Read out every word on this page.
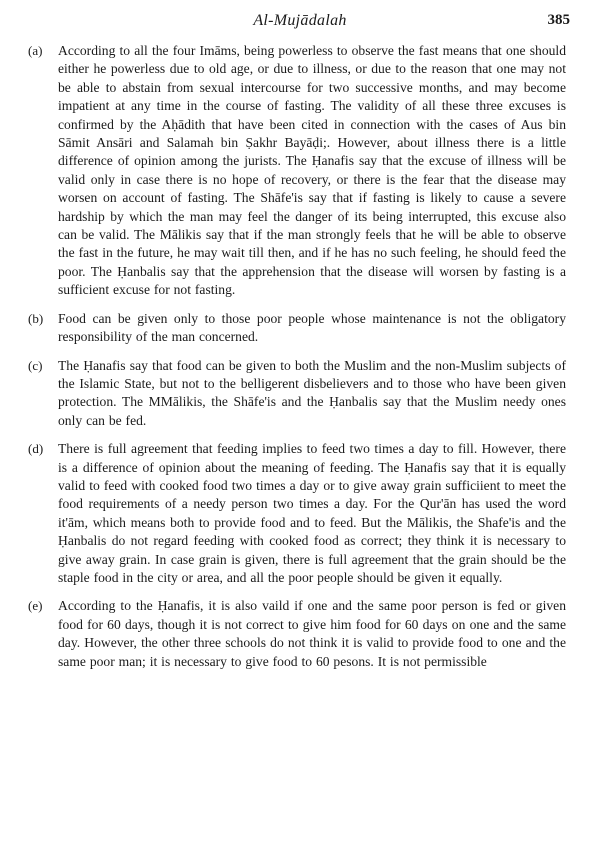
Al-Mujādalah	385
(a)	According to all the four Imāms, being powerless to observe the fast means that one should either he powerless due to old age, or due to illness, or due to the reason that one may not be able to abstain from sexual intercourse for two successive months, and may become impatient at any time in the course of fasting. The validity of all these three excuses is confirmed by the Aḥādith that have been cited in connection with the cases of Aus bin Sāmit Ansāri and Salamah bin Ṣakhr Bayāḍi;. However, about illness there is a little difference of opinion among the jurists. The Ḥanafis say that the excuse of illness will be valid only in case there is no hope of recovery, or there is the fear that the disease may worsen on account of fasting. The Shāfe'is say that if fasting is likely to cause a severe hardship by which the man may feel the danger of its being interrupted, this excuse also can be valid. The Mālikis say that if the man strongly feels that he will be able to observe the fast in the future, he may wait till then, and if he has no such feeling, he should feed the poor. The Ḥanbalis say that the apprehension that the disease will worsen by fasting is a sufficient excuse for not fasting.

(b)	Food can be given only to those poor people whose maintenance is not the obligatory responsibility of the man concerned.

(c)	The Ḥanafis say that food can be given to both the Muslim and the non-Muslim subjects of the Islamic State, but not to the belligerent disbelievers and to those who have been given protection. The MMālikis, the Shāfe'is and the Ḥanbalis say that the Muslim needy ones only can be fed.

(d)	There is full agreement that feeding implies to feed two times a day to fill. However, there is a difference of opinion about the meaning of feeding. The Ḥanafis say that it is equally valid to feed with cooked food two times a day or to give away grain sufficiient to meet the food requirements of a needy person two times a day. For the Qur'ān has used the word it'ām, which means both to provide food and to feed. But the Mālikis, the Shafe'is and the Ḥanbalis do not regard feeding with cooked food as correct; they think it is necessary to give away grain. In case grain is given, there is full agreement that the grain should be the staple food in the city or area, and all the poor people should be given it equally.

(e)	According to the Ḥanafis, it is also vaild if one and the same poor person is fed or given food for 60 days, though it is not correct to give him food for 60 days on one and the same day. However, the other three schools do not think it is valid to provide food to one and the same poor man; it is necessary to give food to 60 pesons. It is not permissible
